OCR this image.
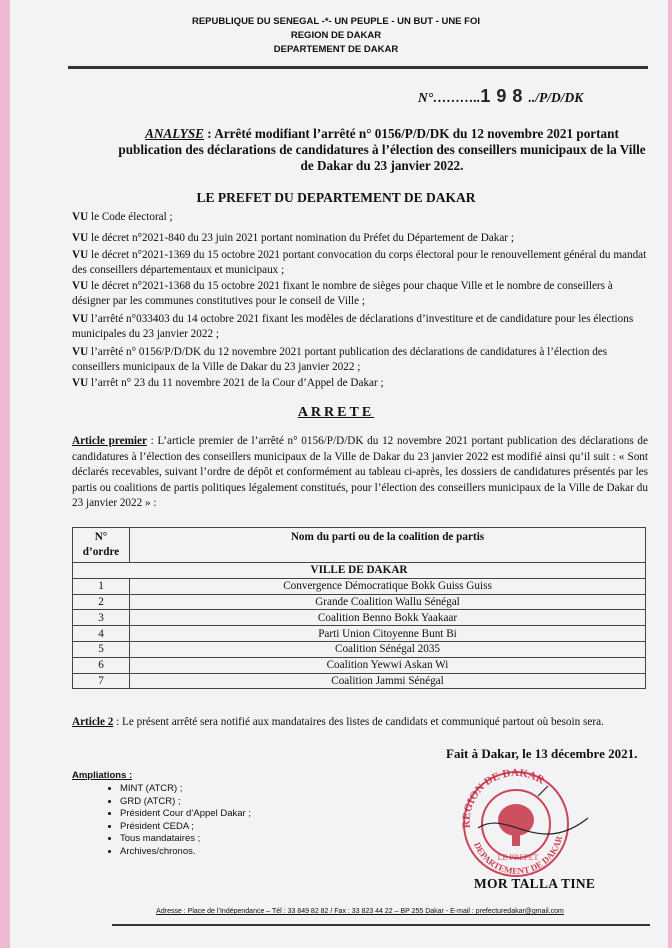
REPUBLIQUE DU SENEGAL -*- UN PEUPLE - UN BUT - UNE FOI
REGION DE DAKAR
DEPARTEMENT DE DAKAR
N°………..198../P/D/DK
ANALYSE : Arrêté modifiant l’arrêté n° 0156/P/D/DK du 12 novembre 2021 portant publication des déclarations de candidatures à l’élection des conseillers municipaux de la Ville de Dakar du 23 janvier 2022.
LE PREFET DU DEPARTEMENT DE DAKAR
VU le Code électoral ;
VU le décret n°2021-840 du 23 juin 2021 portant nomination du Préfet du Département de Dakar ;
VU le décret n°2021-1369 du 15 octobre 2021 portant convocation du corps électoral pour le renouvellement général du mandat des conseillers départementaux et municipaux ;
VU le décret n°2021-1368 du 15 octobre 2021 fixant le nombre de sièges pour chaque Ville et le nombre de conseillers à désigner par les communes constitutives pour le conseil de Ville ;
VU l’arrêté n°033403 du 14 octobre 2021 fixant les modèles de déclarations d’investiture et de candidature pour les élections municipales du 23 janvier 2022 ;
VU l’arrêté n° 0156/P/D/DK du 12 novembre 2021 portant publication des déclarations de candidatures à l’élection des conseillers municipaux de la Ville de Dakar du 23 janvier 2022 ;
VU l’arrêt n° 23 du 11 novembre 2021 de la Cour d’Appel de Dakar ;
ARRETE
Article premier : L’article premier de l’arrêté n° 0156/P/D/DK du 12 novembre 2021 portant publication des déclarations de candidatures à l’élection des conseillers municipaux de la Ville de Dakar du 23 janvier 2022 est modifié ainsi qu’il suit : « Sont déclarés recevables, suivant l’ordre de dépôt et conformément au tableau ci-après, les dossiers de candidatures présentés par les partis ou coalitions de partis politiques légalement constitués, pour l’élection des conseillers municipaux de la Ville de Dakar du 23 janvier 2022 » :
N°
d’ordre	Nom du parti ou de la coalition de partis
VILLE DE DAKAR	
1	Convergence Démocratique Bokk Guiss Guiss
2	Grande Coalition Wallu Sénégal
3	Coalition Benno Bokk Yaakaar
4	Parti Union Citoyenne Bunt Bi
5	Coalition Sénégal 2035
6	Coalition Yewwi Askan Wi
7	Coalition Jammi Sénégal
Article 2 : Le présent arrêté sera notifié aux mandataires des listes de candidats et communiqué partout où besoin sera.
Fait à Dakar, le 13 décembre 2021.
Ampliations :
• MINT (ATCR) ;
• GRD (ATCR) ;
• Président Cour d’Appel Dakar ;
• Président CEDA ;
• Tous mandataires ;
• Archives/chronos.
LE PREFET
REGION DE DAKAR
DEPARTEMENT DE DAKAR
MOR TALLA TINE
Adresse : Place de l’Indépendance – Tél : 33 849 82 82 / Fax : 33 823 44 22 – BP 255 Dakar - E-mail : prefecturedakar@gmail.com
